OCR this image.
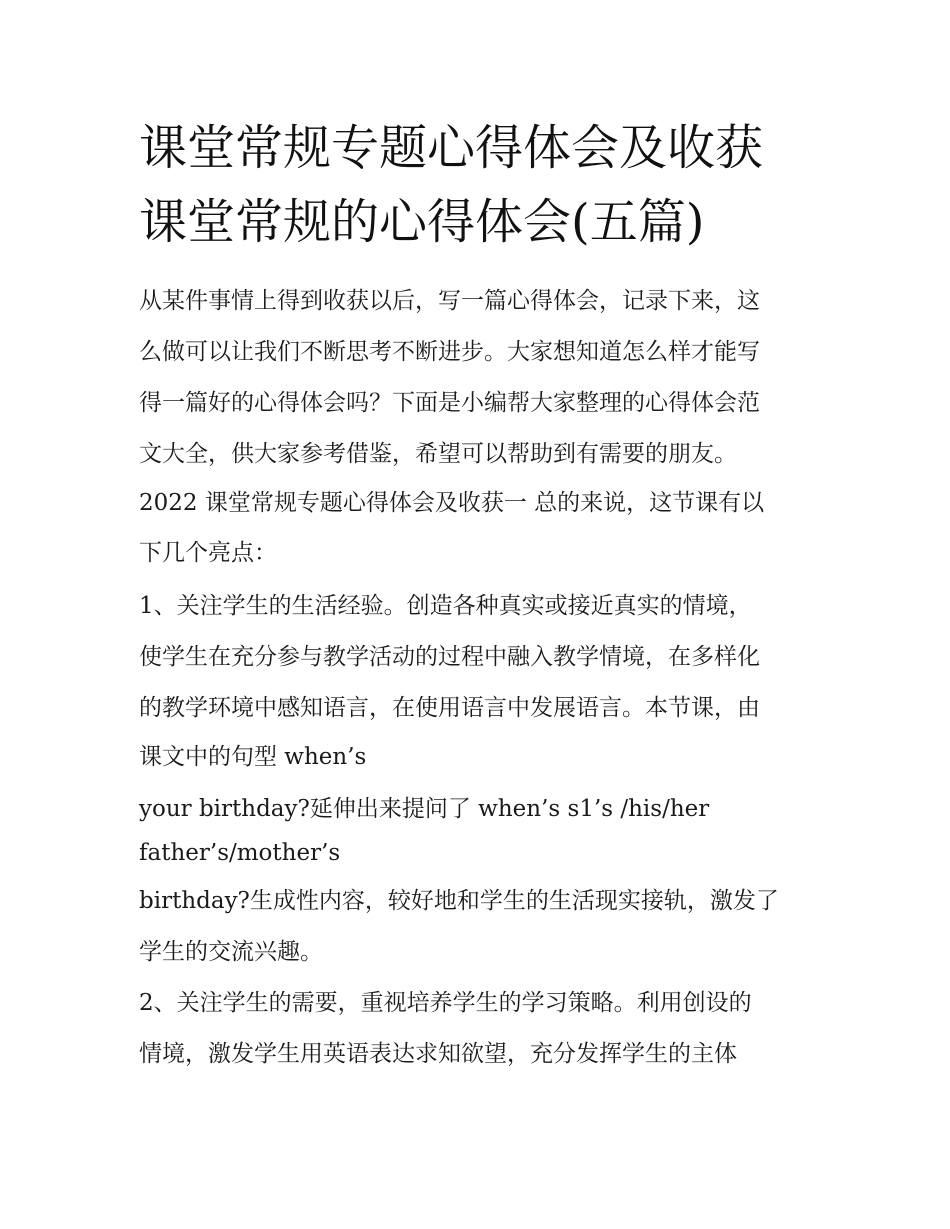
课堂常规专题心得体会及收获
课堂常规的心得体会(五篇)
从某件事情上得到收获以后，写一篇心得体会，记录下来，这
么做可以让我们不断思考不断进步。大家想知道怎么样才能写
得一篇好的心得体会吗？下面是小编帮大家整理的心得体会范
文大全，供大家参考借鉴，希望可以帮助到有需要的朋友。
2022 课堂常规专题心得体会及收获一 总的来说，这节课有以
下几个亮点：
1、关注学生的生活经验。创造各种真实或接近真实的情境，
使学生在充分参与教学活动的过程中融入教学情境，在多样化
的教学环境中感知语言，在使用语言中发展语言。本节课，由
课文中的句型 when’s
your birthday?延伸出来提问了 when’s s1’s /his/her
father’s/mother’s
birthday?生成性内容，较好地和学生的生活现实接轨，激发了
学生的交流兴趣。
2、关注学生的需要，重视培养学生的学习策略。利用创设的
情境，激发学生用英语表达求知欲望，充分发挥学生的主体
